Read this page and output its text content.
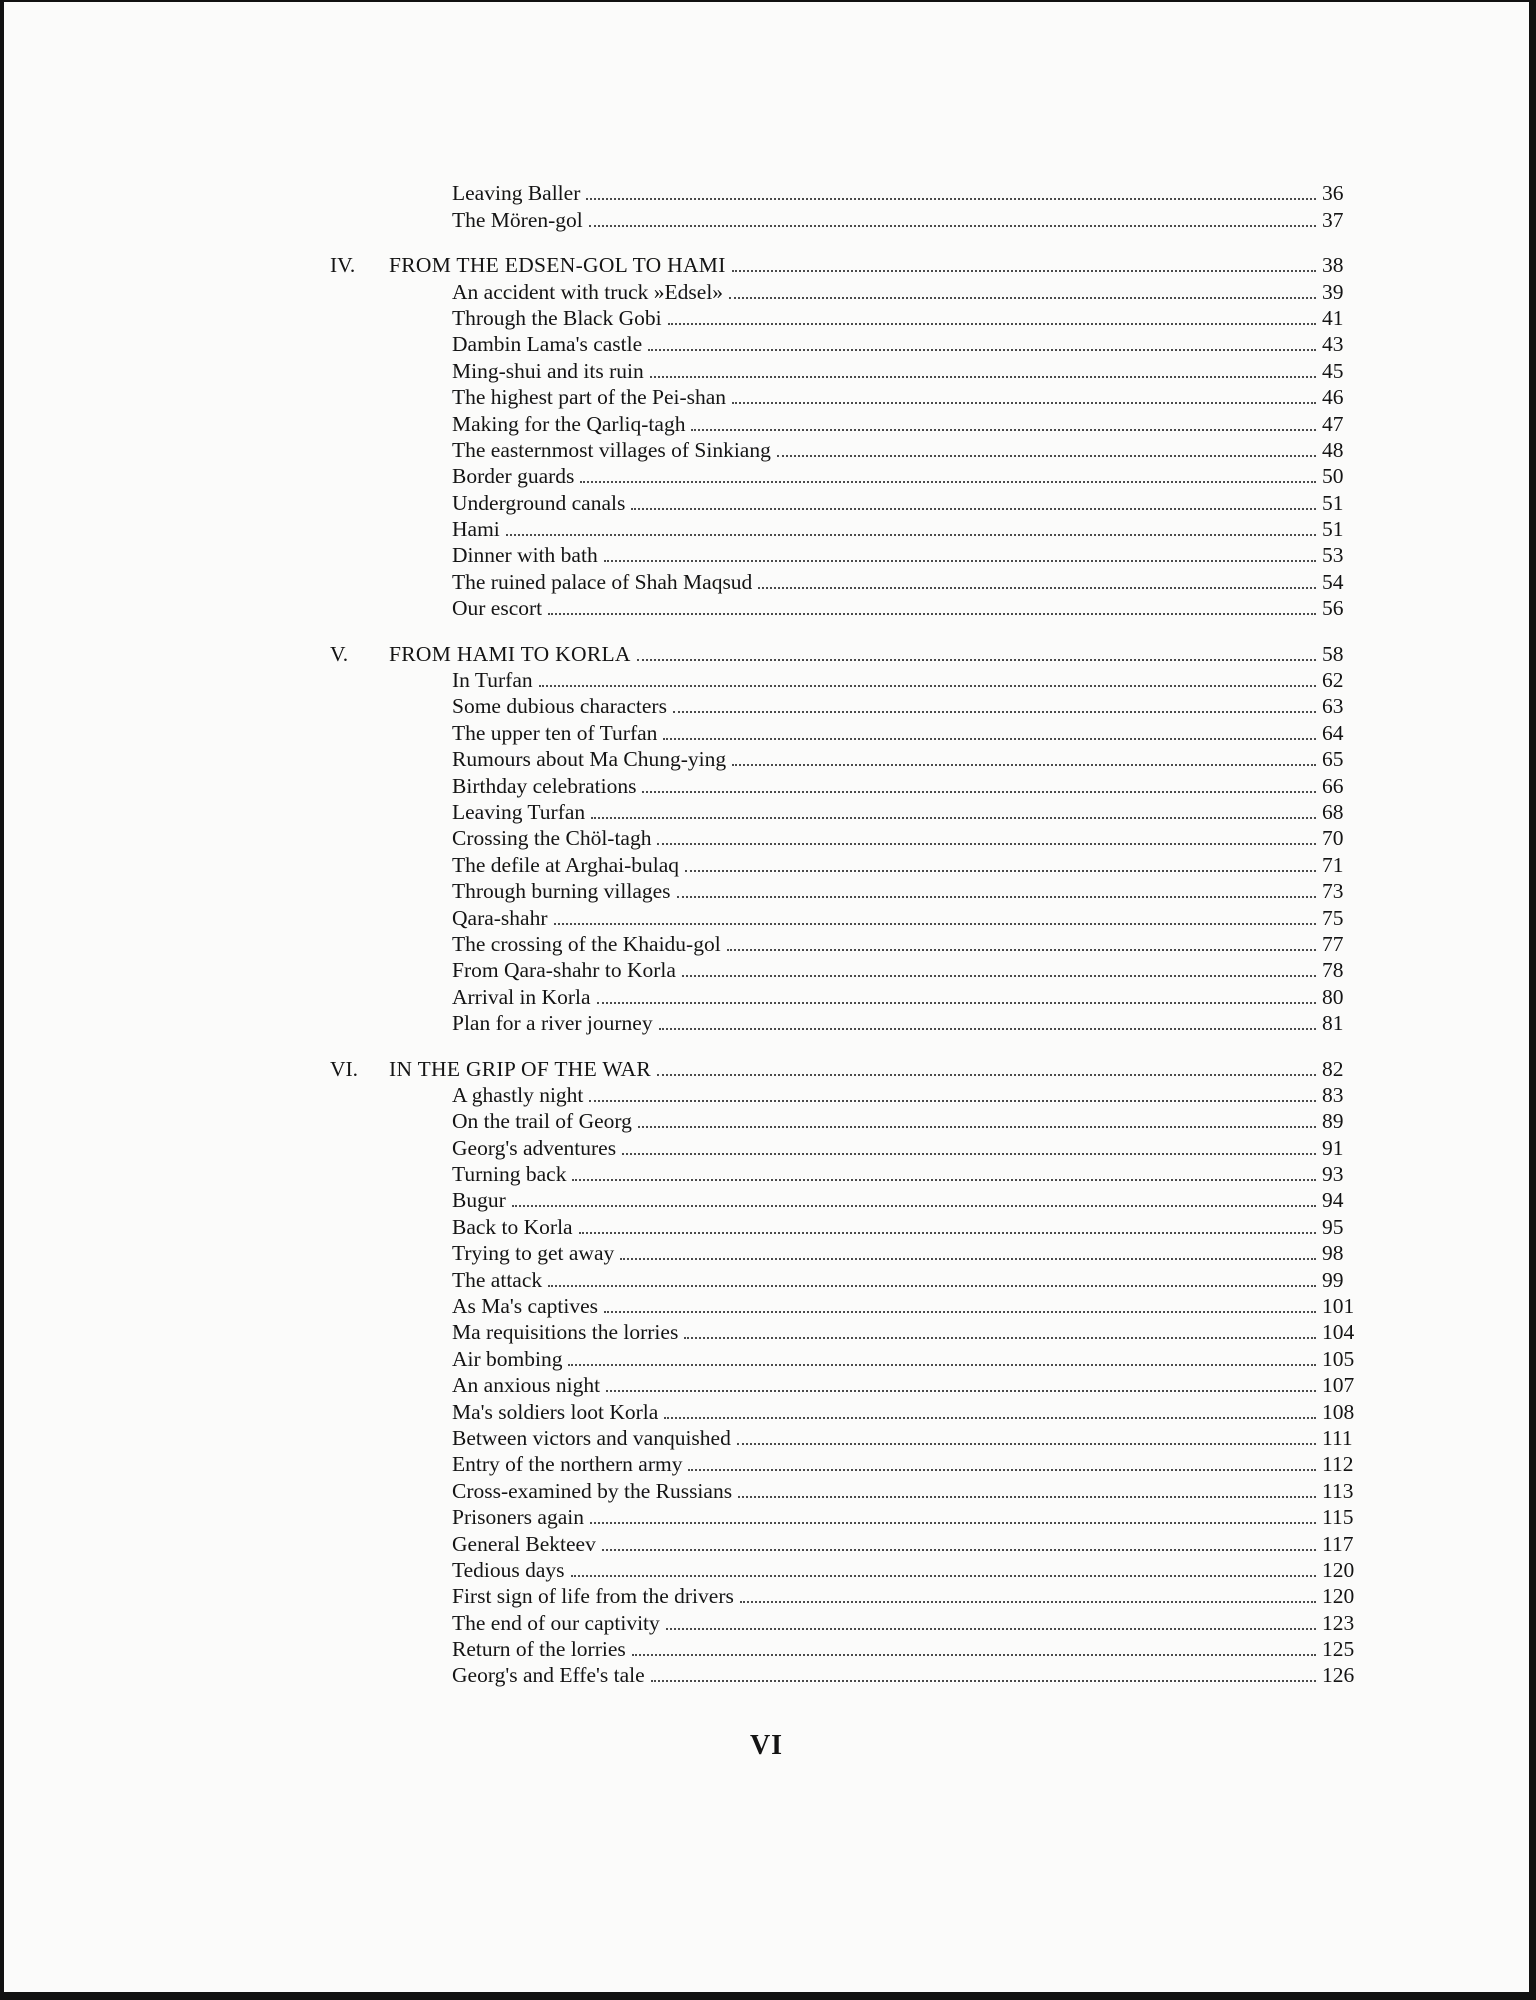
Leaving Baller	36
The Mören-gol	37
IV.	FROM THE EDSEN-GOL TO HAMI	38
An accident with truck »Edsel»	39
Through the Black Gobi	41
Dambin Lama's castle	43
Ming-shui and its ruin	45
The highest part of the Pei-shan	46
Making for the Qarliq-tagh	47
The easternmost villages of Sinkiang	48
Border guards	50
Underground canals	51
Hami	51
Dinner with bath	53
The ruined palace of Shah Maqsud	54
Our escort	56
V.	FROM HAMI TO KORLA	58
In Turfan	62
Some dubious characters	63
The upper ten of Turfan	64
Rumours about Ma Chung-ying	65
Birthday celebrations	66
Leaving Turfan	68
Crossing the Chöl-tagh	70
The defile at Arghai-bulaq	71
Through burning villages	73
Qara-shahr	75
The crossing of the Khaidu-gol	77
From Qara-shahr to Korla	78
Arrival in Korla	80
Plan for a river journey	81
VI.	IN THE GRIP OF THE WAR	82
A ghastly night	83
On the trail of Georg	89
Georg's adventures	91
Turning back	93
Bugur	94
Back to Korla	95
Trying to get away	98
The attack	99
As Ma's captives	101
Ma requisitions the lorries	104
Air bombing	105
An anxious night	107
Ma's soldiers loot Korla	108
Between victors and vanquished	111
Entry of the northern army	112
Cross-examined by the Russians	113
Prisoners again	115
General Bekteev	117
Tedious days	120
First sign of life from the drivers	120
The end of our captivity	123
Return of the lorries	125
Georg's and Effe's tale	126
VI
